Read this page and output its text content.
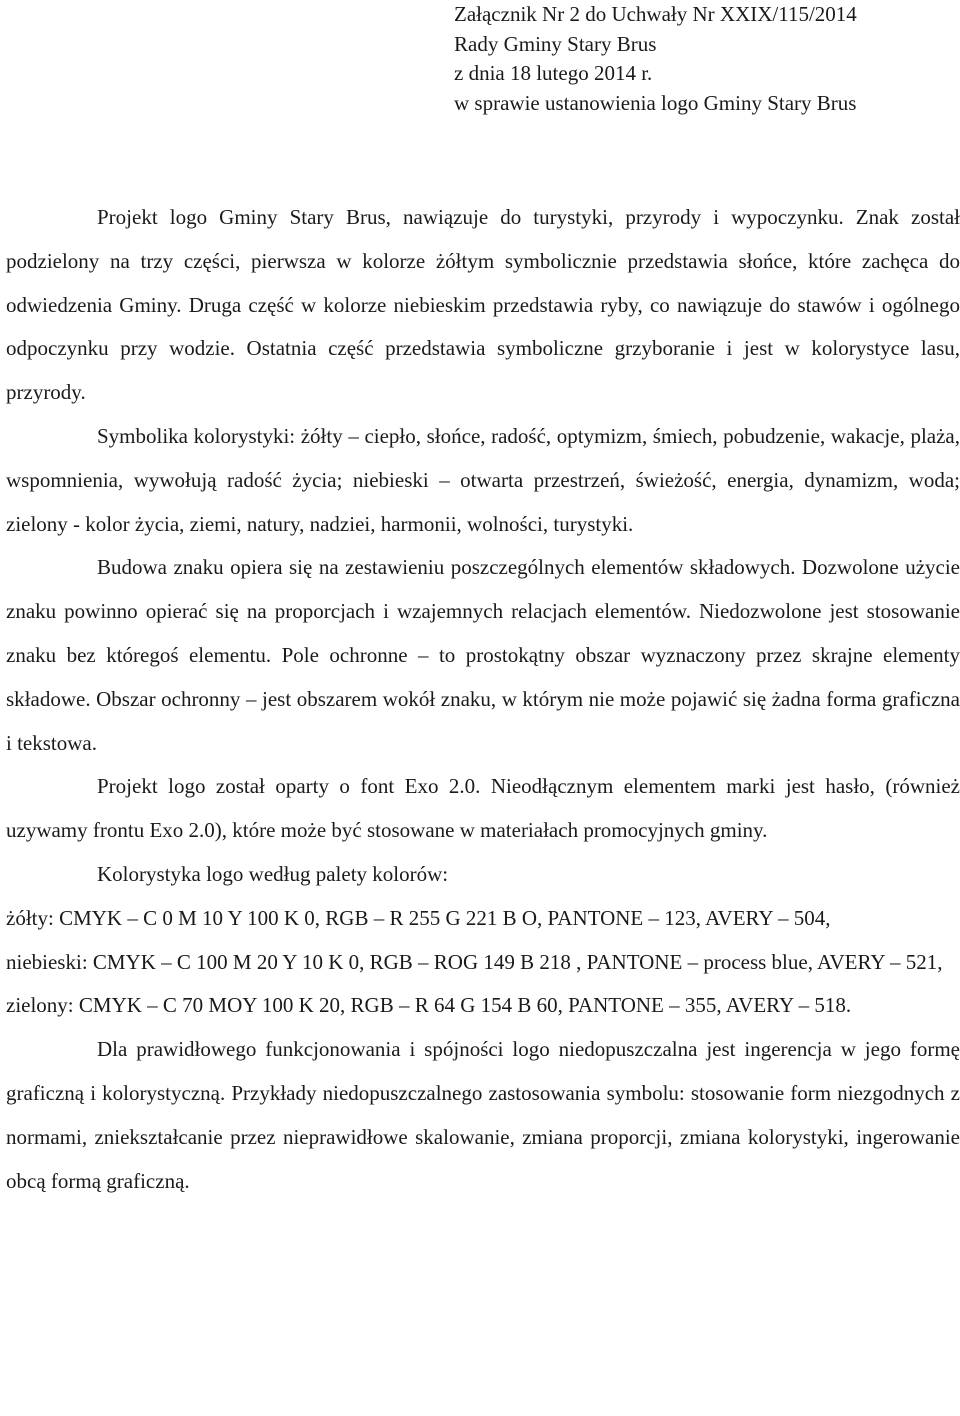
Załącznik Nr 2 do Uchwały Nr XXIX/115/2014
Rady Gminy Stary Brus
z dnia 18 lutego 2014 r.
w sprawie ustanowienia logo Gminy Stary Brus

Projekt logo Gminy Stary Brus, nawiązuje do turystyki, przyrody i wypoczynku. Znak został podzielony na trzy części, pierwsza w kolorze żółtym symbolicznie przedstawia słońce, które zachęca do odwiedzenia Gminy. Druga część w kolorze niebieskim przedstawia ryby, co nawiązuje do stawów i ogólnego odpoczynku przy wodzie. Ostatnia część przedstawia symboliczne grzyboranie i jest w kolorystyce lasu, przyrody.

Symbolika kolorystyki: żółty – ciepło, słońce, radość, optymizm, śmiech, pobudzenie, wakacje, plaża, wspomnienia, wywołują radość życia; niebieski – otwarta przestrzeń, świeżość, energia, dynamizm, woda; zielony - kolor życia, ziemi, natury, nadziei, harmonii, wolności, turystyki.

Budowa znaku opiera się na zestawieniu poszczególnych elementów składowych. Dozwolone użycie znaku powinno opierać się na proporcjach i wzajemnych relacjach elementów. Niedozwolone jest stosowanie znaku bez któregoś elementu. Pole ochronne – to prostokątny obszar wyznaczony przez skrajne elementy składowe. Obszar ochronny – jest obszarem wokół znaku, w którym nie może pojawić się żadna forma graficzna i tekstowa.

Projekt logo został oparty o font Exo 2.0. Nieodłącznym elementem marki jest hasło, (również uzywamy frontu Exo 2.0), które może być stosowane w materiałach promocyjnych gminy.

Kolorystyka logo według palety kolorów:

żółty: CMYK – C 0 M 10 Y 100 K 0, RGB – R 255 G 221 B O, PANTONE – 123, AVERY – 504,

niebieski: CMYK – C 100 M 20 Y 10 K 0, RGB – ROG 149 B 218 , PANTONE – process blue, AVERY – 521,

zielony: CMYK – C 70 MOY 100 K 20, RGB – R 64 G 154 B 60, PANTONE – 355, AVERY – 518.

Dla prawidłowego funkcjonowania i spójności logo niedopuszczalna jest ingerencja w jego formę graficzną i kolorystyczną. Przykłady niedopuszczalnego zastosowania symbolu: stosowanie form niezgodnych z normami, zniekształcanie przez nieprawidłowe skalowanie, zmiana proporcji, zmiana kolorystyki, ingerowanie obcą formą graficzną.
